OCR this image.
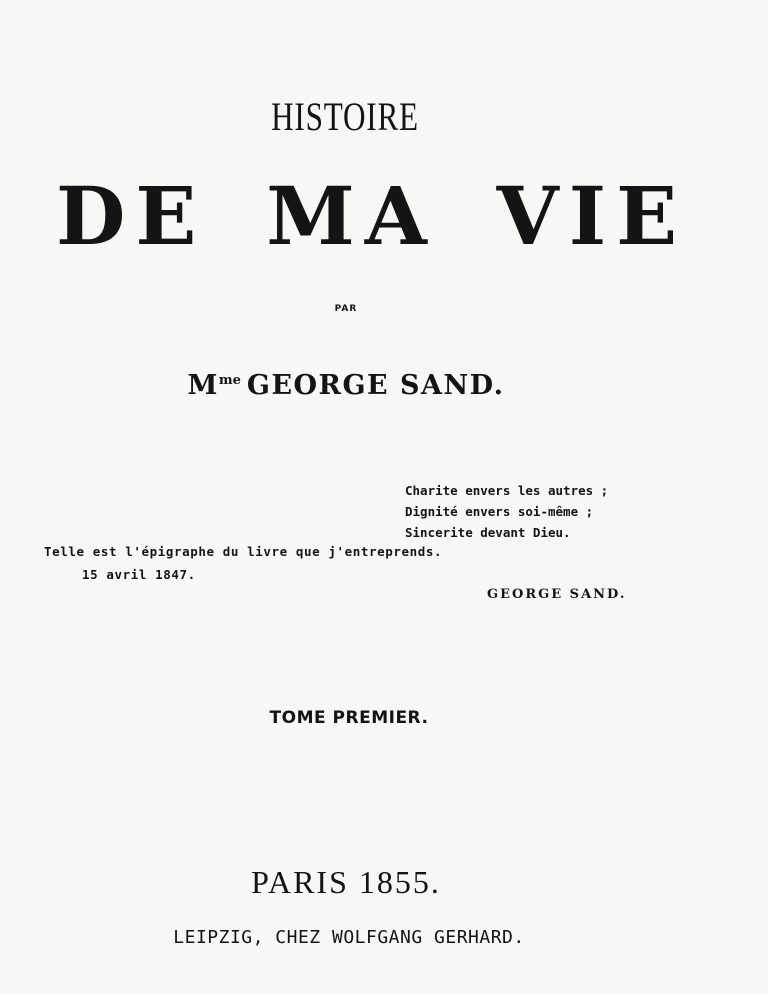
HISTOIRE
DE MA VIE
PAR
$M^{me}$ GEORGE SAND.
Charite envers les autres ;
Dignité envers soi-même ;
Sincerite devant Dieu.
Telle est l'épigraphe du livre que j'entreprends.
15 avril 1847.
GEORGE SAND.
TOME PREMIER.
PARIS 1855.
LEIPZIG, CHEZ WOLFGANG GERHARD.
